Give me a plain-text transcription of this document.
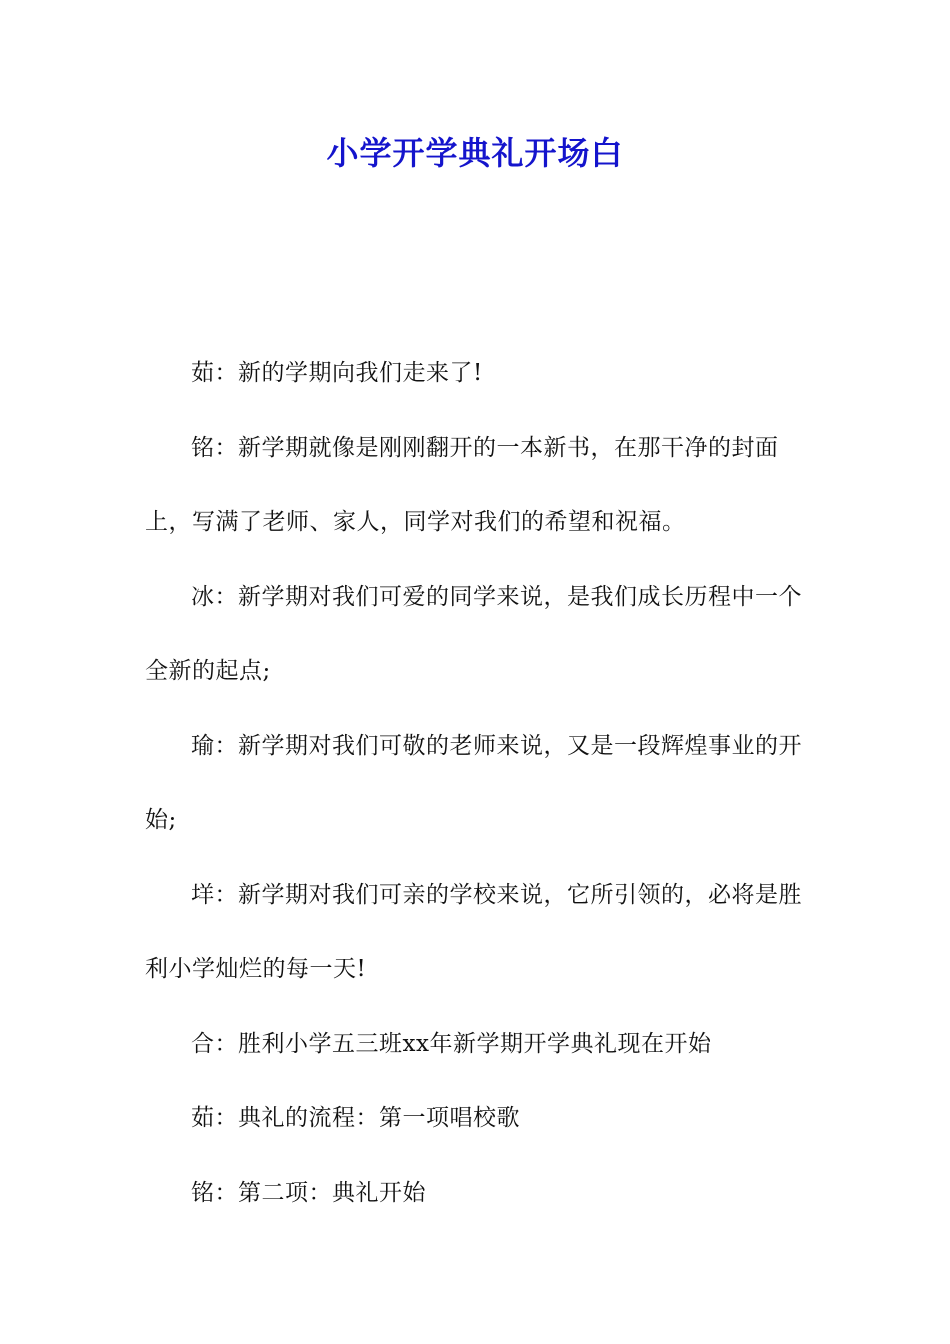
小学开学典礼开场白

茹：新的学期向我们走来了!

铭：新学期就像是刚刚翻开的一本新书，在那干净的封面上，写满了老师、家人，同学对我们的希望和祝福。

冰：新学期对我们可爱的同学来说，是我们成长历程中一个全新的起点;

瑜：新学期对我们可敬的老师来说，又是一段辉煌事业的开始;

垟：新学期对我们可亲的学校来说，它所引领的，必将是胜利小学灿烂的每一天!

合：胜利小学五三班xx年新学期开学典礼现在开始

茹：典礼的流程：第一项唱校歌

铭：第二项：典礼开始
